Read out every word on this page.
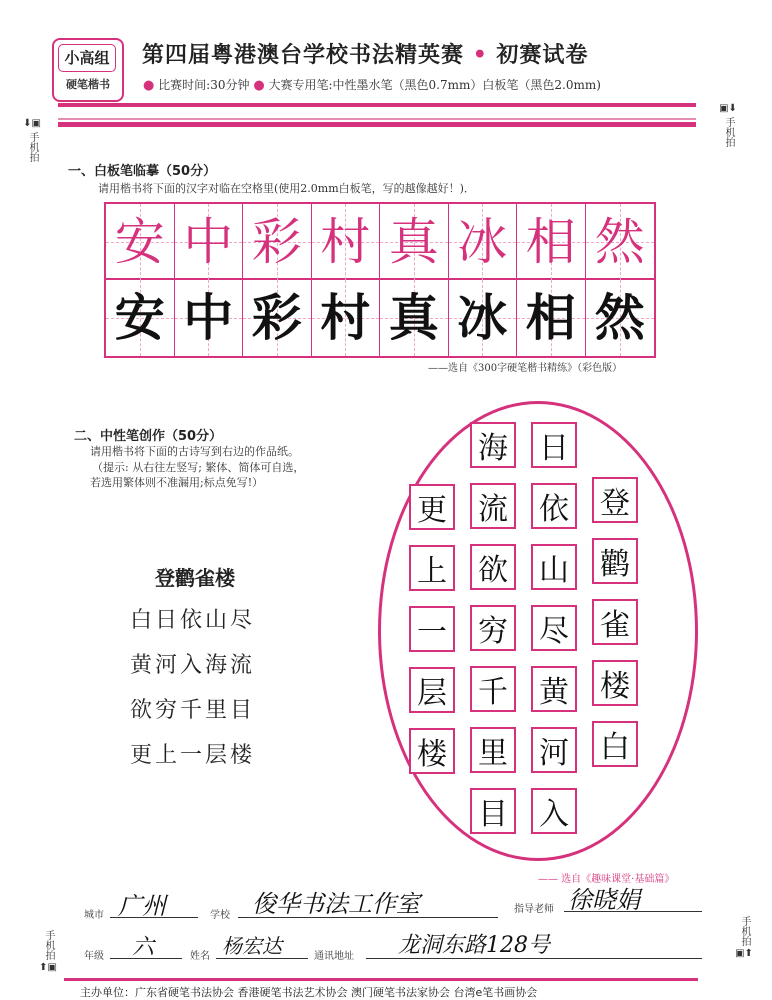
小高组
硬笔楷书
第四届粤港澳台学校书法精英赛 • 初赛试卷
● 比赛时间:30分钟 ● 大赛专用笔:中性墨水笔（黑色0.7mm）白板笔（黑色2.0mm)
⬇▣
手机拍
▣⬇
手机拍
手机拍
⬆▣
手机拍
▣⬆
一、白板笔临摹（50分）
请用楷书将下面的汉字对临在空格里(使用2.0mm白板笔，写的越像越好！)．
安 中 彩 村 真 冰 相 然
安 中 彩 村 真 冰 相 然
——选自《300字硬笔楷书精练》（彩色版）
二、中性笔创作（50分）
请用楷书将下面的古诗写到右边的作品纸。
（提示: 从右往左竖写; 繁体、简体可自选，
若选用繁体则不准漏用;标点免写!）
登鹳雀楼
白日依山尽
黄河入海流
欲穷千里目
更上一层楼
登
鹳
雀
楼
白
日
依
山
尽
黄
河
入
海
流
欲
穷
千
里
目
更
上
一
层
楼
—— 选自《趣味课堂·基础篇》
城市 广州	学校 俊华书法工作室	指导老师 徐晓娟
年级 六	姓名 杨宏达	通讯地址 龙洞东路128号
主办单位：广东省硬笔书法协会 香港硬笔书法艺术协会 澳门硬笔书法家协会 台湾e笔书画协会
